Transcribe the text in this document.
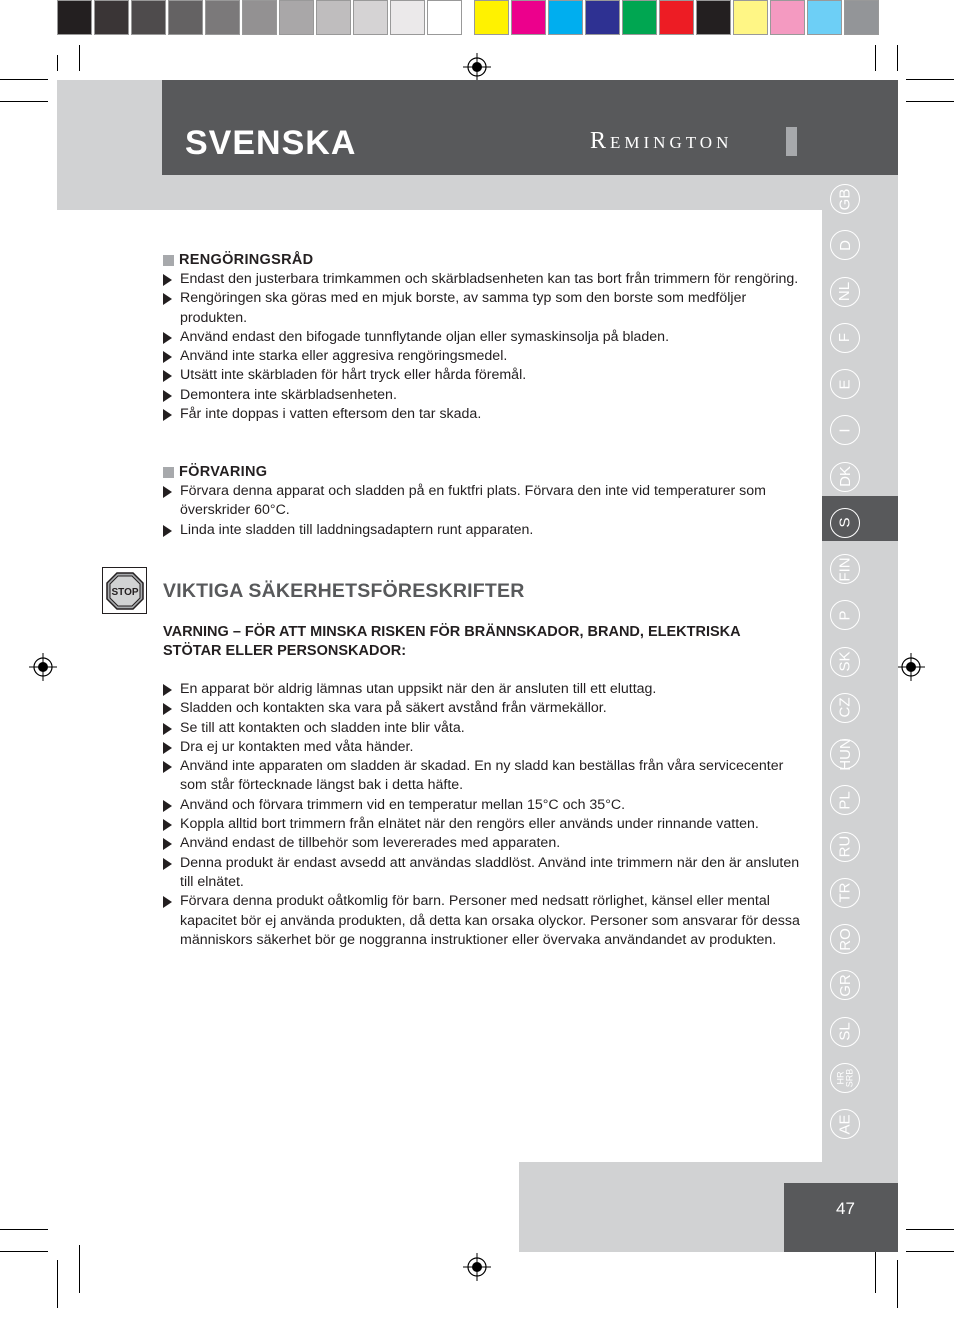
SVENSKA	Remington
GB
D
NL
F
E
I
DK
S
FIN
P
SK
CZ
HUN
PL
RU
TR
RO
GR
SL
HR
SRB
AE
47
RENGÖRINGSRÅD
Endast den justerbara trimkammen och skärbladsenheten kan tas bort från trimmern för rengöring.
Rengöringen ska göras med en mjuk borste, av samma typ som den borste som medföljer produkten.
Använd endast den bifogade tunnflytande oljan eller symaskinsolja på bladen.
Använd inte starka eller aggresiva rengöringsmedel.
Utsätt inte skärbladen för hårt tryck eller hårda föremål.
Demontera inte skärbladsenheten.
Får inte doppas i vatten eftersom den tar skada.
FÖRVARING
Förvara denna apparat och sladden på en fuktfri plats. Förvara den inte vid temperaturer som överskrider 60°C.
Linda inte sladden till laddningsadaptern runt apparaten.
STOP VIKTIGA SÄKERHETSFÖRESKRIFTER
VARNING – FÖR ATT MINSKA RISKEN FÖR BRÄNNSKADOR, BRAND, ELEKTRISKA STÖTAR ELLER PERSONSKADOR:
En apparat bör aldrig lämnas utan uppsikt när den är ansluten till ett eluttag.
Sladden och kontakten ska vara på säkert avstånd från värmekällor.
Se till att kontakten och sladden inte blir våta.
Dra ej ur kontakten med våta händer.
Använd inte apparaten om sladden är skadad. En ny sladd kan beställas från våra servicecenter som står förtecknade längst bak i detta häfte.
Använd och förvara trimmern vid en temperatur mellan 15°C och 35°C.
Koppla alltid bort trimmern från elnätet när den rengörs eller används under rinnande vatten.
Använd endast de tillbehör som levererades med apparaten.
Denna produkt är endast avsedd att användas sladdlöst. Använd inte trimmern när den är ansluten till elnätet.
Förvara denna produkt oåtkomlig för barn. Personer med nedsatt rörlighet, känsel eller mental kapacitet bör ej använda produkten, då detta kan orsaka olyckor. Personer som ansvarar för dessa människors säkerhet bör ge noggranna instruktioner eller övervaka användandet av produkten.
